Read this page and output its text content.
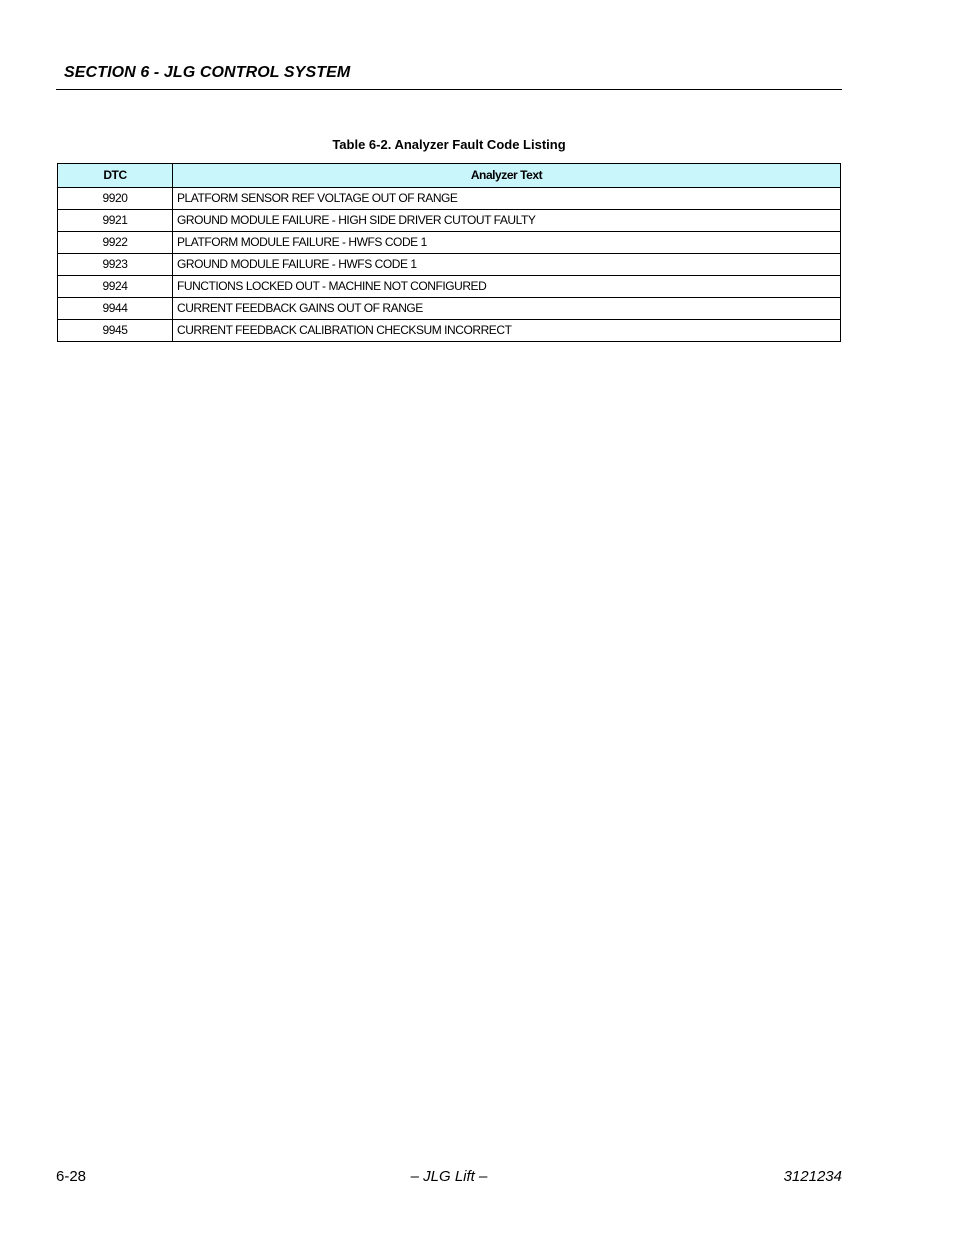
SECTION 6 - JLG CONTROL SYSTEM
Table 6-2. Analyzer Fault Code Listing
DTC	Analyzer Text
9920	PLATFORM SENSOR REF VOLTAGE OUT OF RANGE
9921	GROUND MODULE FAILURE - HIGH SIDE DRIVER CUTOUT FAULTY
9922	PLATFORM MODULE FAILURE - HWFS CODE 1
9923	GROUND MODULE FAILURE - HWFS CODE 1
9924	FUNCTIONS LOCKED OUT - MACHINE NOT CONFIGURED
9944	CURRENT FEEDBACK GAINS OUT OF RANGE
9945	CURRENT FEEDBACK CALIBRATION CHECKSUM INCORRECT
6-28	– JLG Lift –	3121234
